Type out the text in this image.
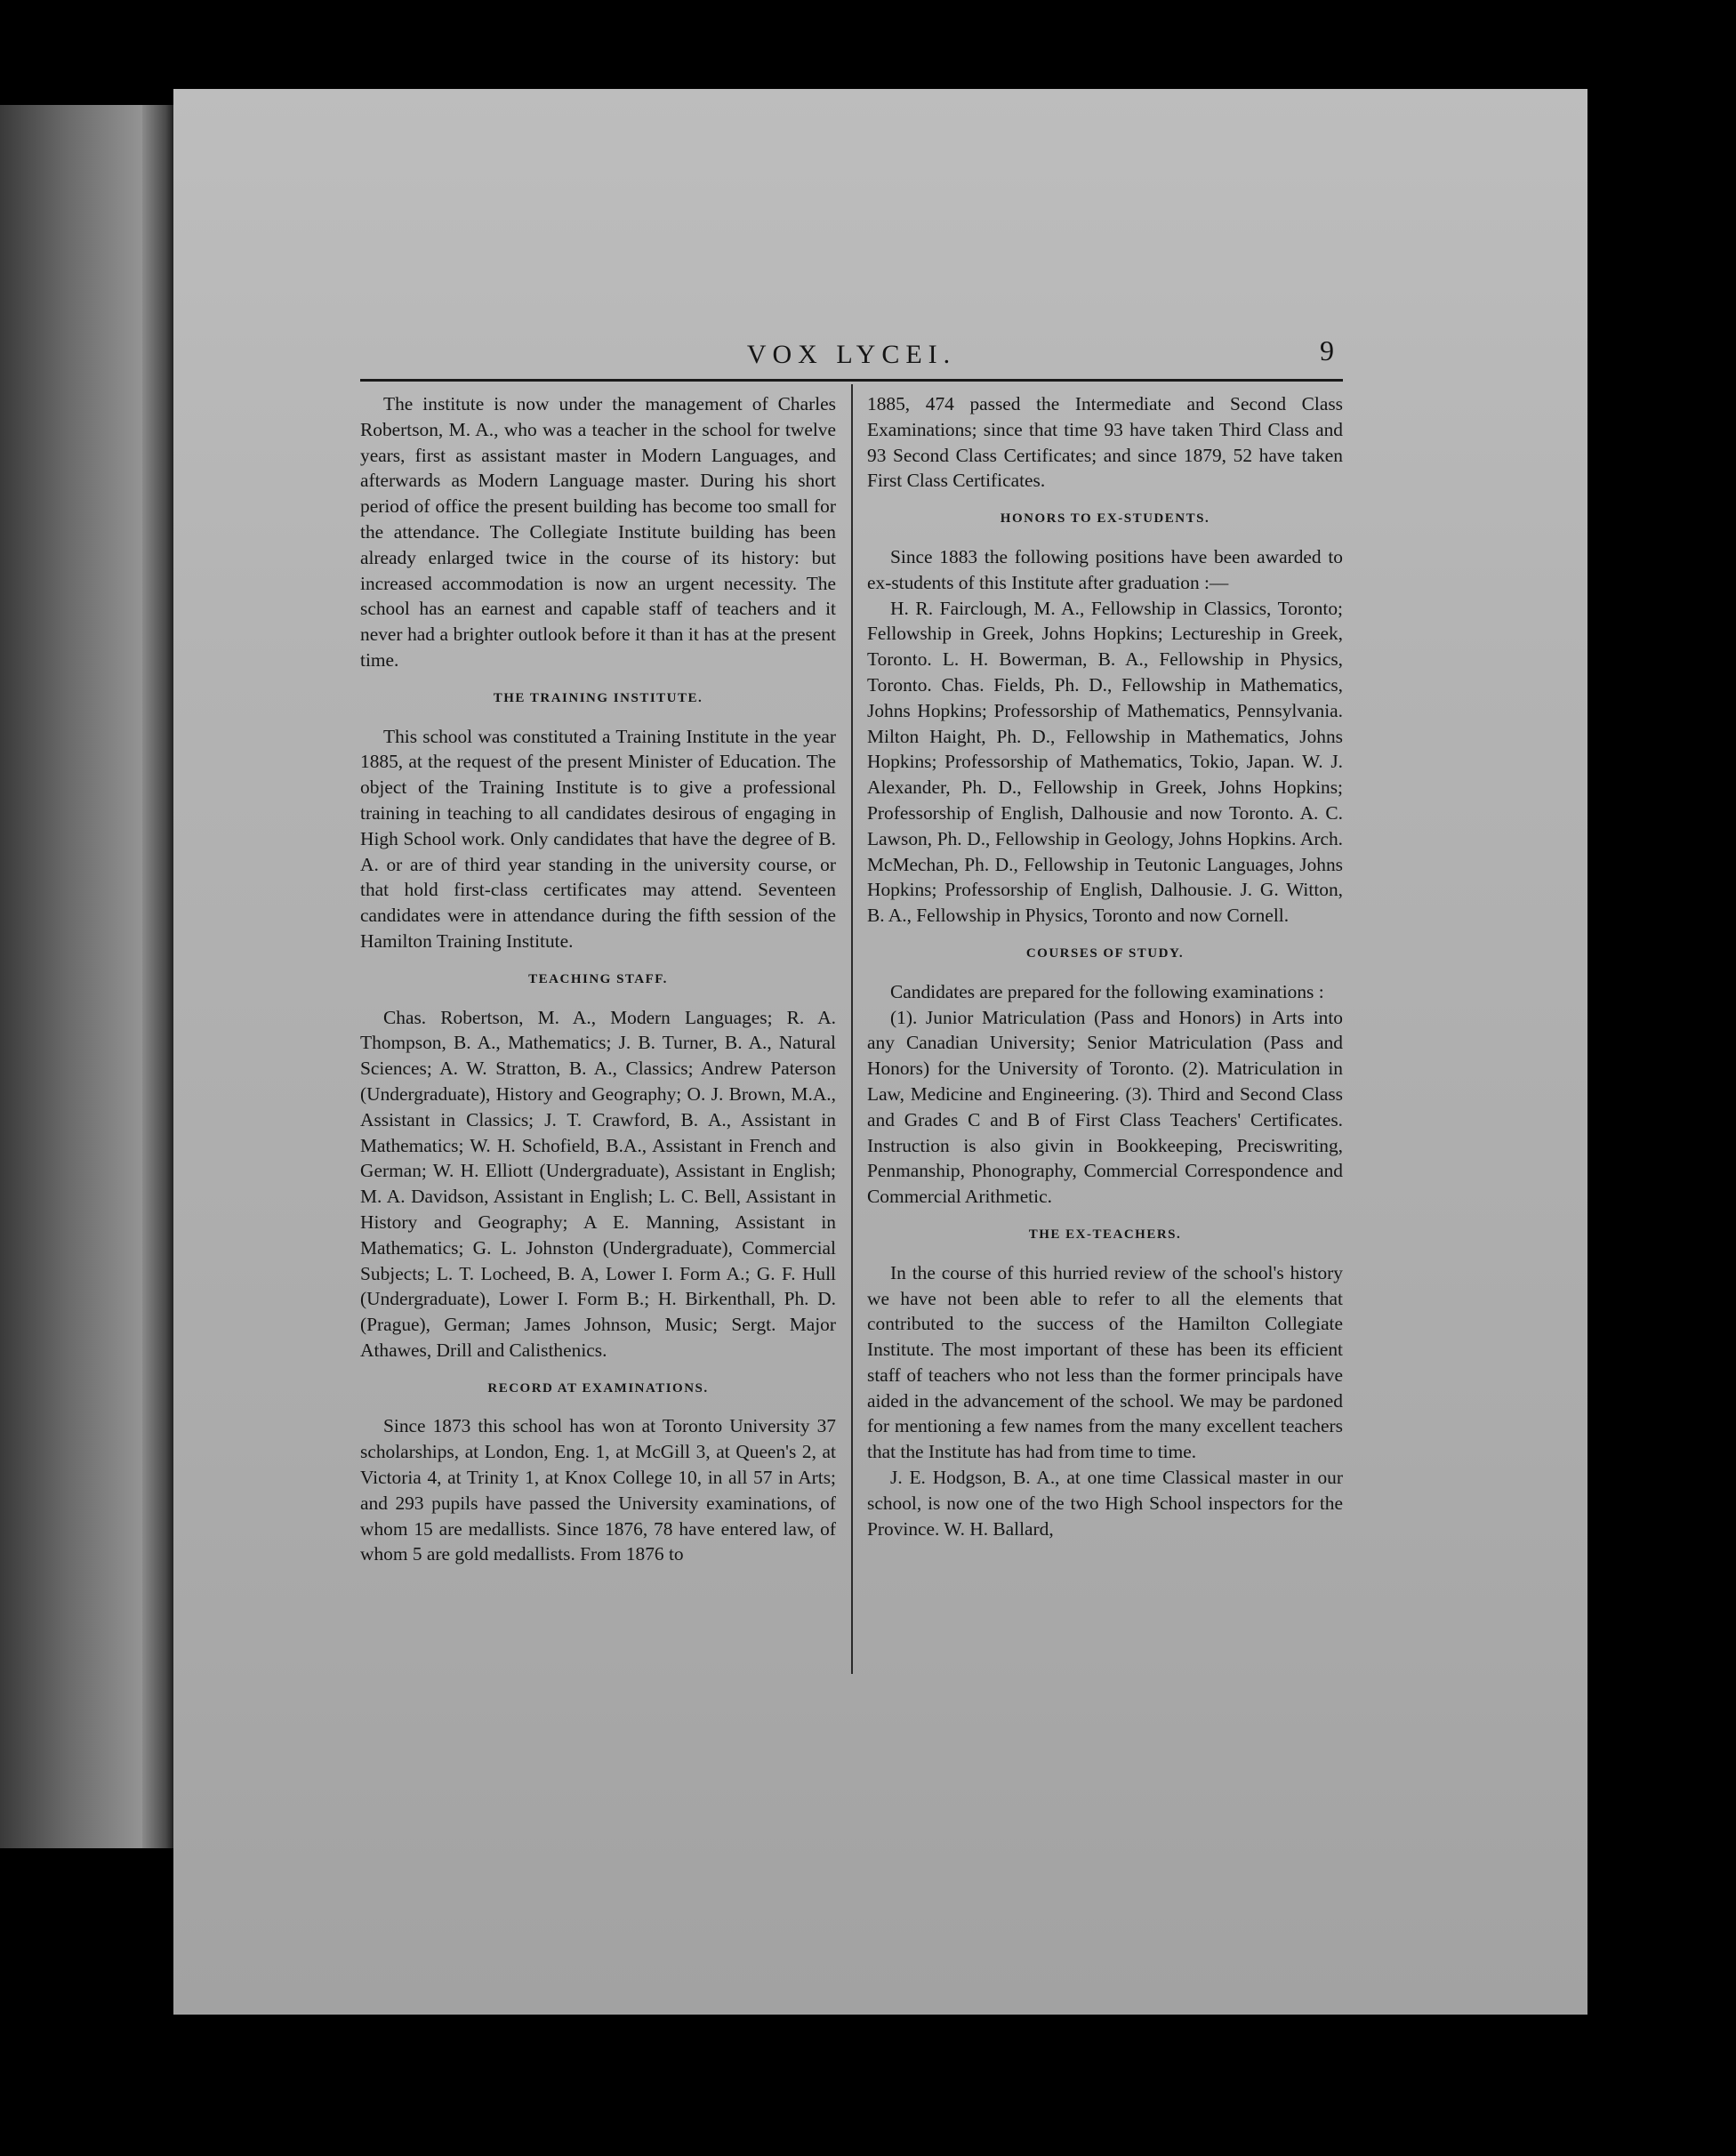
VOX LYCEI.	9

The institute is now under the management of Charles Robertson, M. A., who was a teacher in the school for twelve years, first as assistant master in Modern Languages, and afterwards as Modern Language master. During his short period of office the present building has become too small for the attendance. The Collegiate Institute building has been already enlarged twice in the course of its history: but increased accommodation is now an urgent necessity. The school has an earnest and capable staff of teachers and it never had a brighter outlook before it than it has at the present time.

THE TRAINING INSTITUTE.

This school was constituted a Training Institute in the year 1885, at the request of the present Minister of Education. The object of the Training Institute is to give a professional training in teaching to all candidates desirous of engaging in High School work. Only candidates that have the degree of B. A. or are of third year standing in the university course, or that hold first-class certificates may attend. Seventeen candidates were in attendance during the fifth session of the Hamilton Training Institute.

TEACHING STAFF.

Chas. Robertson, M. A., Modern Languages; R. A. Thompson, B. A., Mathematics; J. B. Turner, B. A., Natural Sciences; A. W. Stratton, B. A., Classics; Andrew Paterson (Undergraduate), History and Geography; O. J. Brown, M.A., Assistant in Classics; J. T. Crawford, B. A., Assistant in Mathematics; W. H. Schofield, B.A., Assistant in French and German; W. H. Elliott (Undergraduate), Assistant in English; M. A. Davidson, Assistant in English; L. C. Bell, Assistant in History and Geography; A E. Manning, Assistant in Mathematics; G. L. Johnston (Undergraduate), Commercial Subjects; L. T. Locheed, B. A, Lower I. Form A.; G. F. Hull (Undergraduate), Lower I. Form B.; H. Birkenthall, Ph. D. (Prague), German; James Johnson, Music; Sergt. Major Athawes, Drill and Calisthenics.

RECORD AT EXAMINATIONS.

Since 1873 this school has won at Toronto University 37 scholarships, at London, Eng. 1, at McGill 3, at Queen's 2, at Victoria 4, at Trinity 1, at Knox College 10, in all 57 in Arts; and 293 pupils have passed the University examinations, of whom 15 are medallists. Since 1876, 78 have entered law, of whom 5 are gold medallists. From 1876 to

1885, 474 passed the Intermediate and Second Class Examinations; since that time 93 have taken Third Class and 93 Second Class Certificates; and since 1879, 52 have taken First Class Certificates.

HONORS TO EX-STUDENTS.

Since 1883 the following positions have been awarded to ex-students of this Institute after graduation :—

H. R. Fairclough, M. A., Fellowship in Classics, Toronto; Fellowship in Greek, Johns Hopkins; Lectureship in Greek, Toronto. L. H. Bowerman, B. A., Fellowship in Physics, Toronto. Chas. Fields, Ph. D., Fellowship in Mathematics, Johns Hopkins; Professorship of Mathematics, Pennsylvania. Milton Haight, Ph. D., Fellowship in Mathematics, Johns Hopkins; Professorship of Mathematics, Tokio, Japan. W. J. Alexander, Ph. D., Fellowship in Greek, Johns Hopkins; Professorship of English, Dalhousie and now Toronto. A. C. Lawson, Ph. D., Fellowship in Geology, Johns Hopkins. Arch. McMechan, Ph. D., Fellowship in Teutonic Languages, Johns Hopkins; Professorship of English, Dalhousie. J. G. Witton, B. A., Fellowship in Physics, Toronto and now Cornell.

COURSES OF STUDY.

Candidates are prepared for the following examinations :

(1). Junior Matriculation (Pass and Honors) in Arts into any Canadian University; Senior Matriculation (Pass and Honors) for the University of Toronto. (2). Matriculation in Law, Medicine and Engineering. (3). Third and Second Class and Grades C and B of First Class Teachers' Certificates. Instruction is also givin in Bookkeeping, Preciswriting, Penmanship, Phonography, Commercial Correspondence and Commercial Arithmetic.

THE EX-TEACHERS.

In the course of this hurried review of the school's history we have not been able to refer to all the elements that contributed to the success of the Hamilton Collegiate Institute. The most important of these has been its efficient staff of teachers who not less than the former principals have aided in the advancement of the school. We may be pardoned for mentioning a few names from the many excellent teachers that the Institute has had from time to time.

J. E. Hodgson, B. A., at one time Classical master in our school, is now one of the two High School inspectors for the Province. W. H. Ballard,
